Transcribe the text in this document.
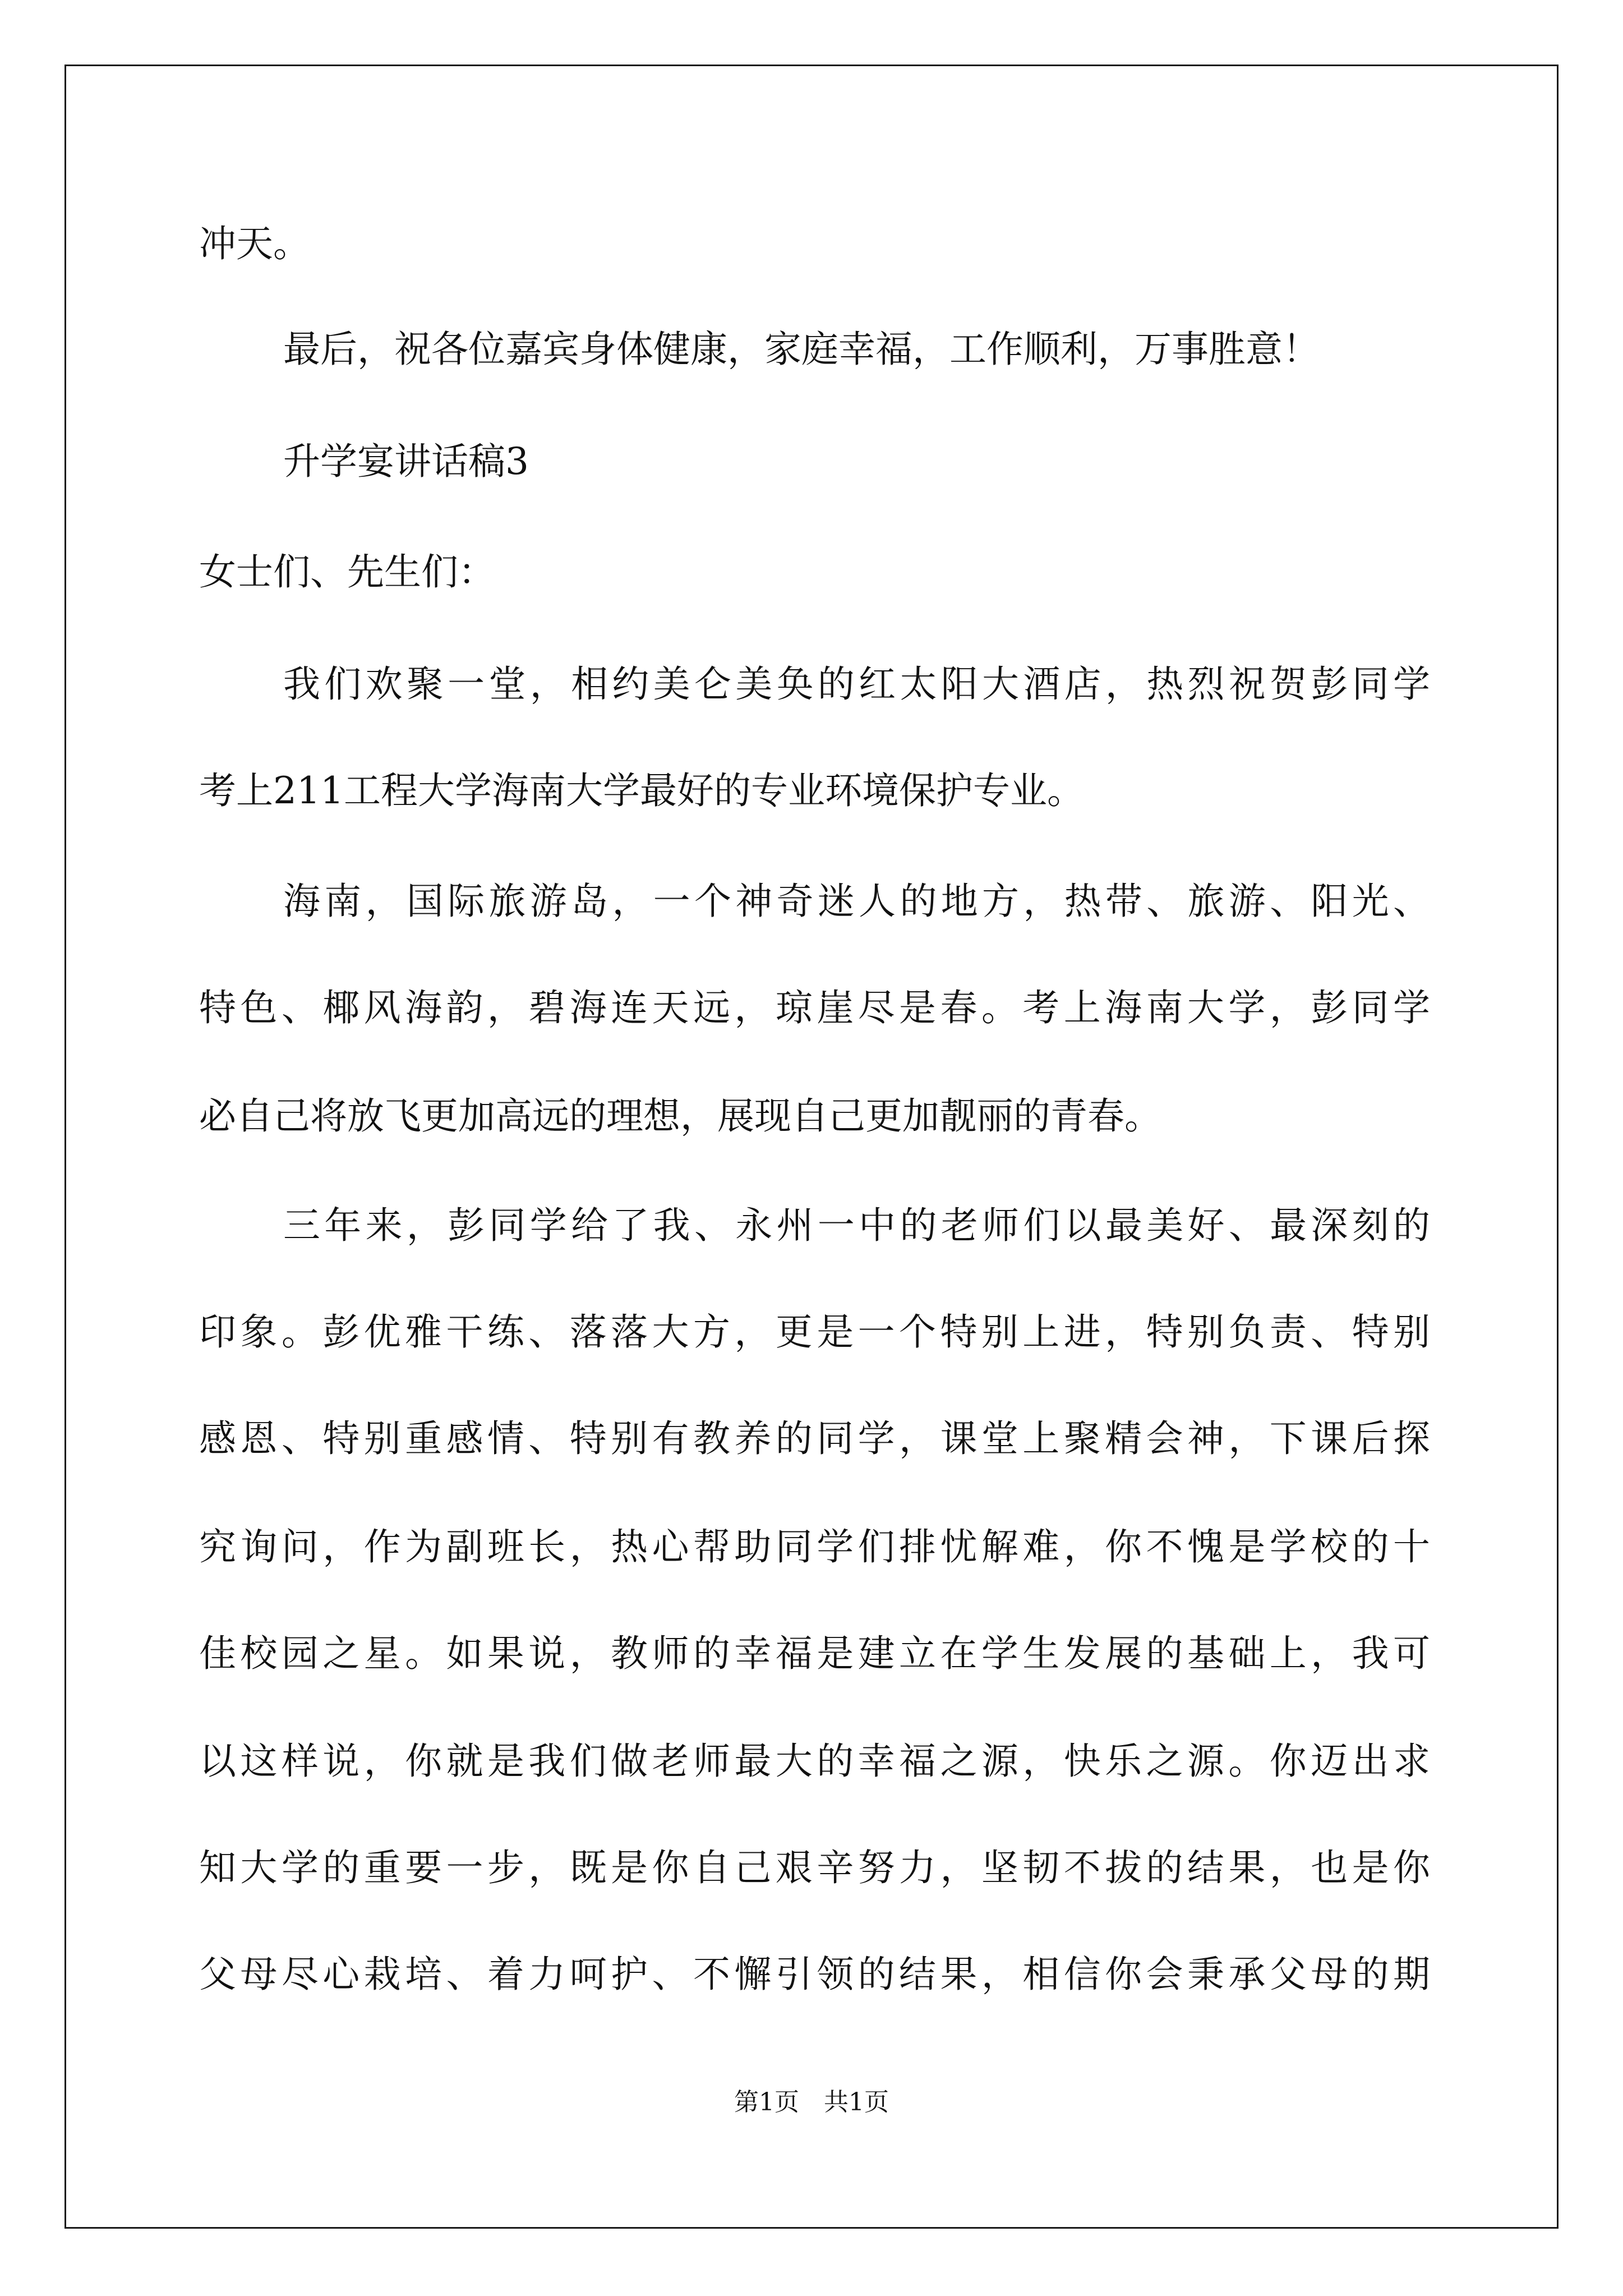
冲天。
最后，祝各位嘉宾身体健康，家庭幸福，工作顺利，万事胜意！
升学宴讲话稿3
女士们、先生们：
我们欢聚一堂，相约美仑美奂的红太阳大酒店，热烈祝贺彭同学
考上211工程大学海南大学最好的专业环境保护专业。
海南，国际旅游岛，一个神奇迷人的地方，热带、旅游、阳光、
特色、椰风海韵，碧海连天远，琼崖尽是春。考上海南大学，彭同学
必自己将放飞更加高远的理想，展现自己更加靓丽的青春。
三年来，彭同学给了我、永州一中的老师们以最美好、最深刻的
印象。彭优雅干练、落落大方，更是一个特别上进，特别负责、特别
感恩、特别重感情、特别有教养的同学，课堂上聚精会神，下课后探
究询问，作为副班长，热心帮助同学们排忧解难，你不愧是学校的十
佳校园之星。如果说，教师的幸福是建立在学生发展的基础上，我可
以这样说，你就是我们做老师最大的幸福之源，快乐之源。你迈出求
知大学的重要一步，既是你自己艰辛努力，坚韧不拔的结果，也是你
父母尽心栽培、着力呵护、不懈引领的结果，相信你会秉承父母的期
第1页　共1页
